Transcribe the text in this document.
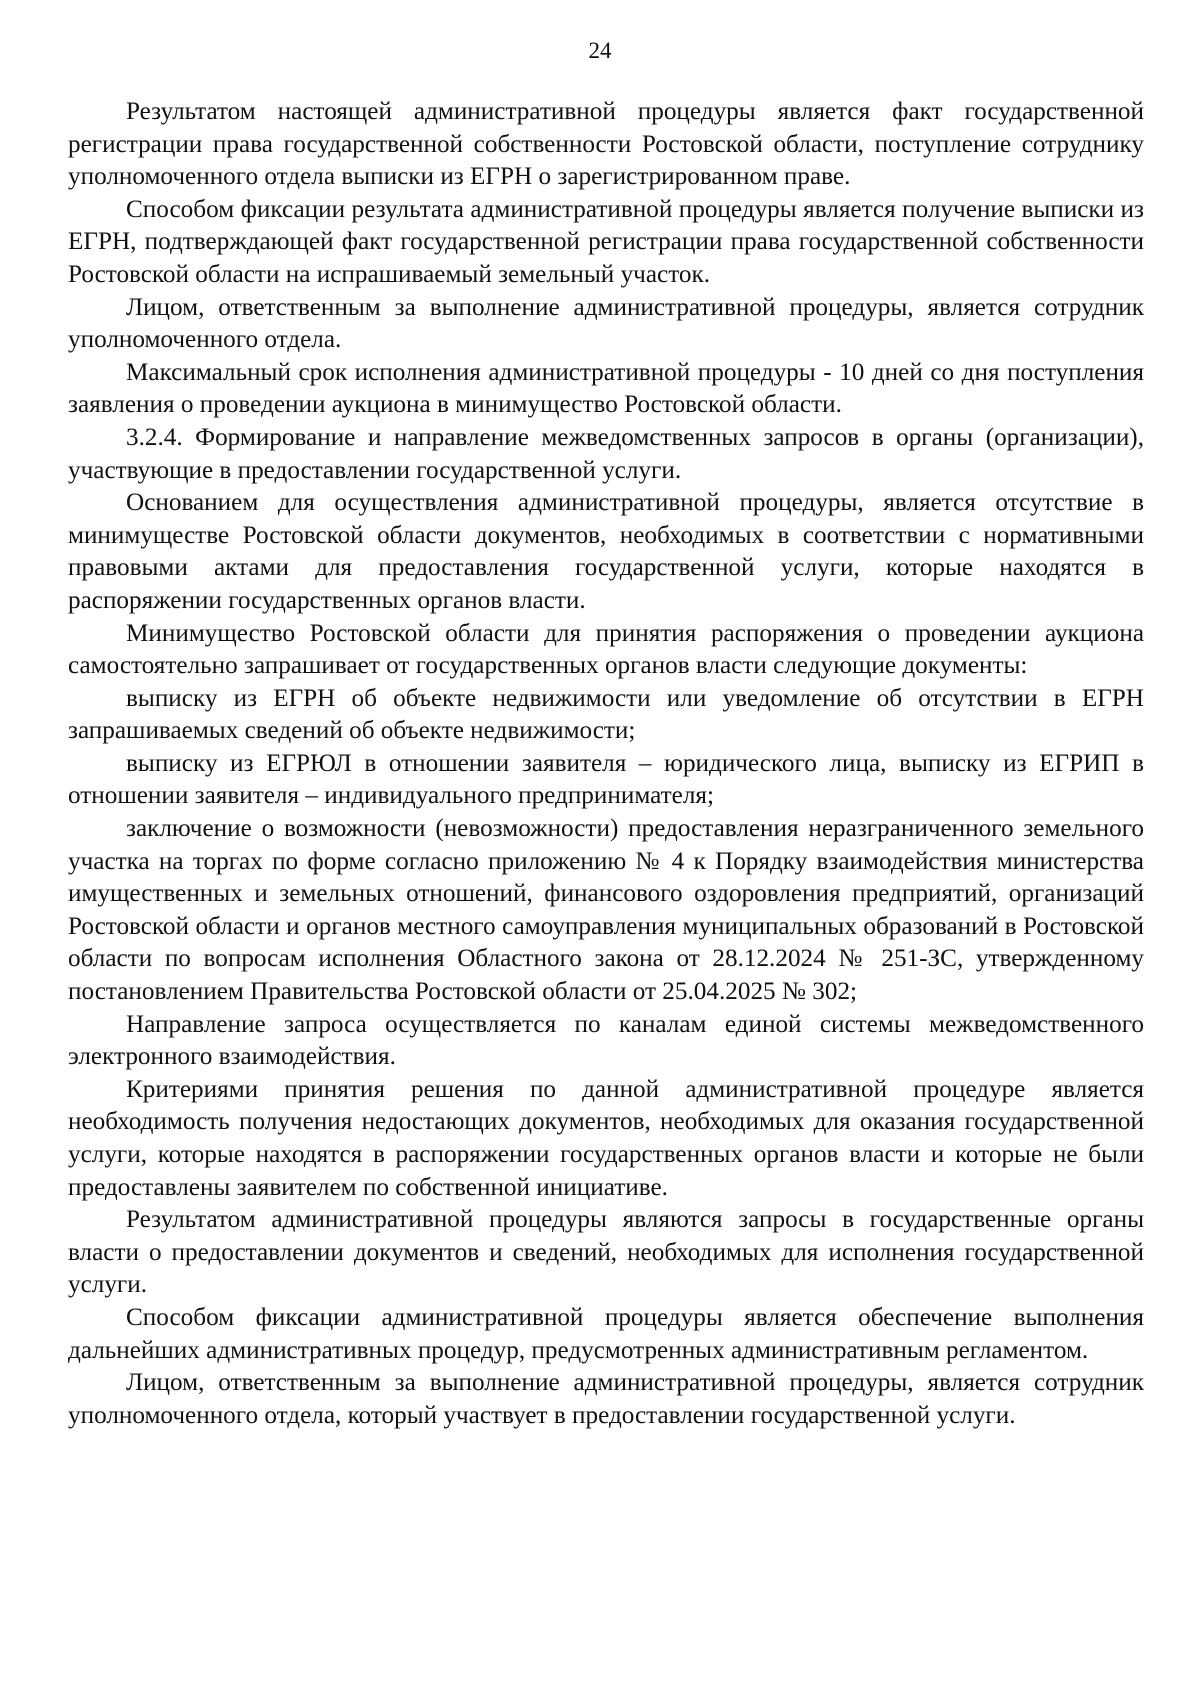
24

Результатом настоящей административной процедуры является факт государственной регистрации права государственной собственности Ростовской области, поступление сотруднику уполномоченного отдела выписки из ЕГРН о зарегистрированном праве.

Способом фиксации результата административной процедуры является получение выписки из ЕГРН, подтверждающей факт государственной регистрации права государственной собственности Ростовской области на испрашиваемый земельный участок.

Лицом, ответственным за выполнение административной процедуры, является сотрудник уполномоченного отдела.

Максимальный срок исполнения административной процедуры - 10 дней со дня поступления заявления о проведении аукциона в минимущество Ростовской области.

3.2.4. Формирование и направление межведомственных запросов в органы (организации), участвующие в предоставлении государственной услуги.

Основанием для осуществления административной процедуры, является отсутствие в минимуществе Ростовской области документов, необходимых в соответствии с нормативными правовыми актами для предоставления государственной услуги, которые находятся в распоряжении государственных органов власти.

Минимущество Ростовской области для принятия распоряжения о проведении аукциона самостоятельно запрашивает от государственных органов власти следующие документы:

выписку из ЕГРН об объекте недвижимости или уведомление об отсутствии в ЕГРН запрашиваемых сведений об объекте недвижимости;

выписку из ЕГРЮЛ в отношении заявителя – юридического лица, выписку из ЕГРИП в отношении заявителя – индивидуального предпринимателя;

заключение о возможности (невозможности) предоставления неразграниченного земельного участка на торгах по форме согласно приложению № 4 к Порядку взаимодействия министерства имущественных и земельных отношений, финансового оздоровления предприятий, организаций Ростовской области и органов местного самоуправления муниципальных образований в Ростовской области по вопросам исполнения Областного закона от 28.12.2024 № 251-ЗС, утвержденному постановлением Правительства Ростовской области от 25.04.2025 № 302;

Направление запроса осуществляется по каналам единой системы межведомственного электронного взаимодействия.

Критериями принятия решения по данной административной процедуре является необходимость получения недостающих документов, необходимых для оказания государственной услуги, которые находятся в распоряжении государственных органов власти и которые не были предоставлены заявителем по собственной инициативе.

Результатом административной процедуры являются запросы в государственные органы власти о предоставлении документов и сведений, необходимых для исполнения государственной услуги.

Способом фиксации административной процедуры является обеспечение выполнения дальнейших административных процедур, предусмотренных административным регламентом.

Лицом, ответственным за выполнение административной процедуры, является сотрудник уполномоченного отдела, который участвует в предоставлении государственной услуги.
